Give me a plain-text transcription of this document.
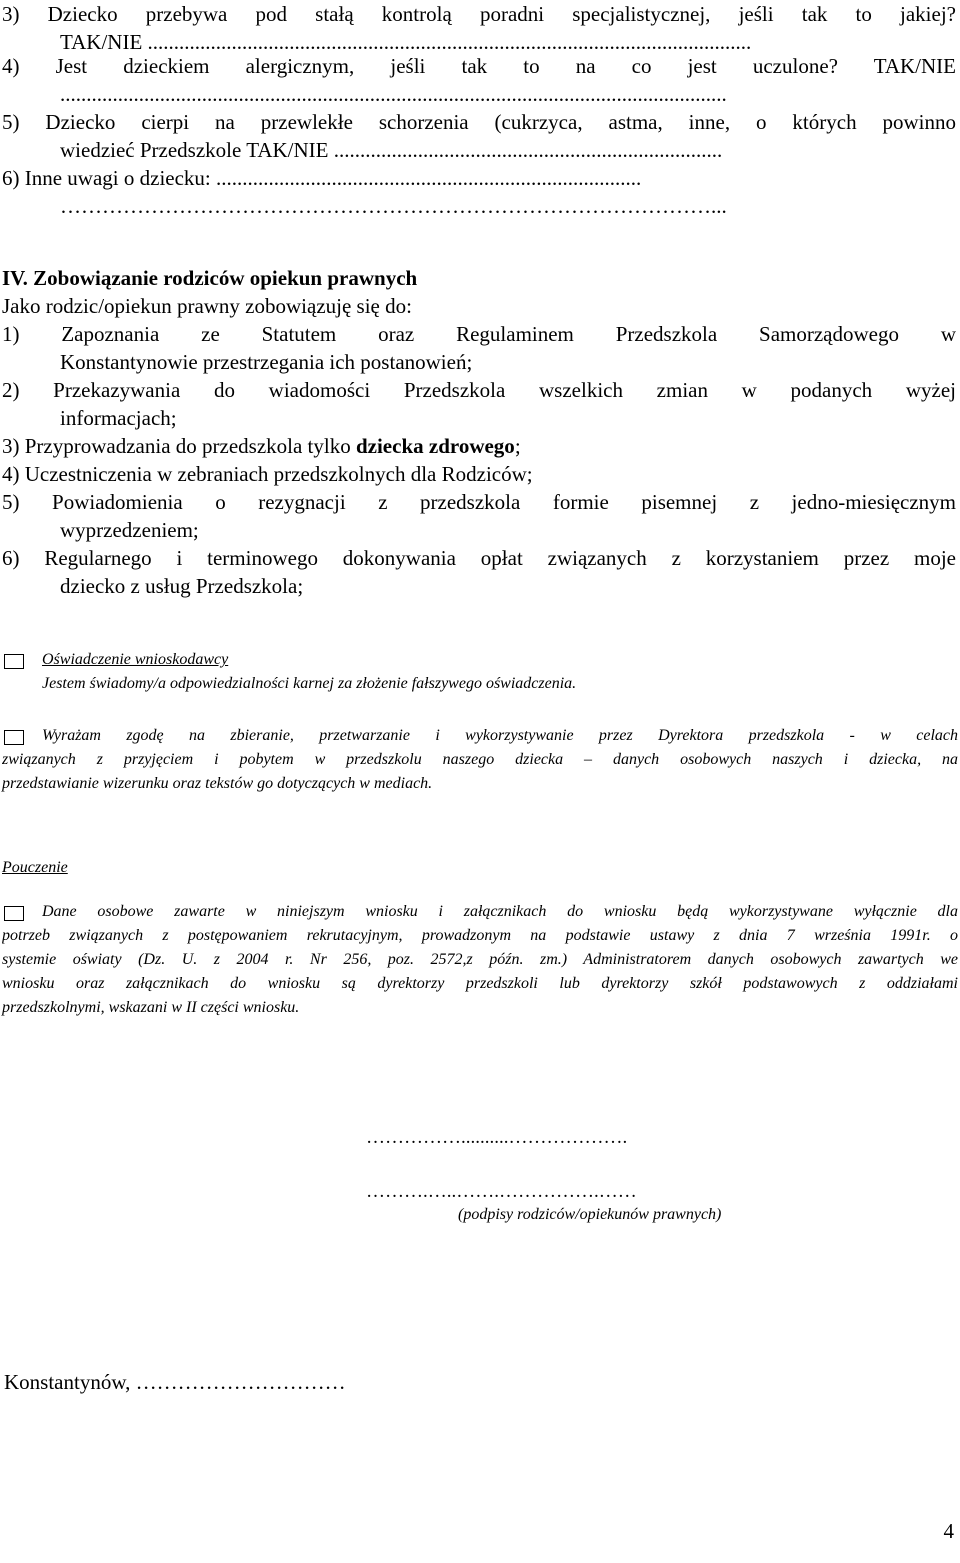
3) Dziecko przebywa pod stałą kontrolą poradni specjalistycznej, jeśli tak to jakiej?
TAK/NIE ...................................................................................................................
4) Jest dzieckiem alergicznym, jeśli tak to na co jest uczulone? TAK/NIE
...............................................................................................................................
5) Dziecko cierpi na przewlekłe schorzenia (cukrzyca, astma, inne, o których powinno
wiedzieć Przedszkole TAK/NIE ..........................................................................
6) Inne uwagi o dziecku: .................................................................................
…………………………………………………………………………………...
IV. Zobowiązanie rodziców opiekun prawnych
Jako rodzic/opiekun prawny zobowiązuję się do:
1) Zapoznania ze Statutem oraz Regulaminem Przedszkola Samorządowego w
Konstantynowie przestrzegania ich postanowień;
2) Przekazywania do wiadomości Przedszkola wszelkich zmian w podanych wyżej
informacjach;
3) Przyprowadzania do przedszkola tylko dziecka zdrowego;
4) Uczestniczenia w zebraniach przedszkolnych dla Rodziców;
5) Powiadomienia o rezygnacji z przedszkola formie pisemnej z jedno-miesięcznym
wyprzedzeniem;
6) Regularnego i terminowego dokonywania opłat związanych z korzystaniem przez moje
dziecko z usług Przedszkola;
Oświadczenie wnioskodawcy
Jestem świadomy/a odpowiedzialności karnej za złożenie fałszywego oświadczenia.
Wyrażam zgodę na zbieranie, przetwarzanie i wykorzystywanie przez Dyrektora przedszkola - w celach
związanych z przyjęciem i pobytem w przedszkolu naszego dziecka – danych osobowych naszych i dziecka, na
przedstawianie wizerunku oraz tekstów go dotyczących w mediach.
Pouczenie
Dane osobowe zawarte w niniejszym wniosku i załącznikach do wniosku będą wykorzystywane wyłącznie dla
potrzeb związanych z postępowaniem rekrutacyjnym, prowadzonym na podstawie ustawy z dnia 7 września 1991r. o
systemie oświaty (Dz. U. z 2004 r. Nr 256, poz. 2572,z późn. zm.) Administratorem danych osobowych zawartych we
wniosku oraz załącznikach do wniosku są dyrektorzy przedszkoli lub dyrektorzy szkół podstawowych z oddziałami
przedszkolnymi, wskazani w II części wniosku.
……………..........……………….
……….…..…….…………….……
(podpisy rodziców/opiekunów prawnych)
Konstantynów, …………………………
4
